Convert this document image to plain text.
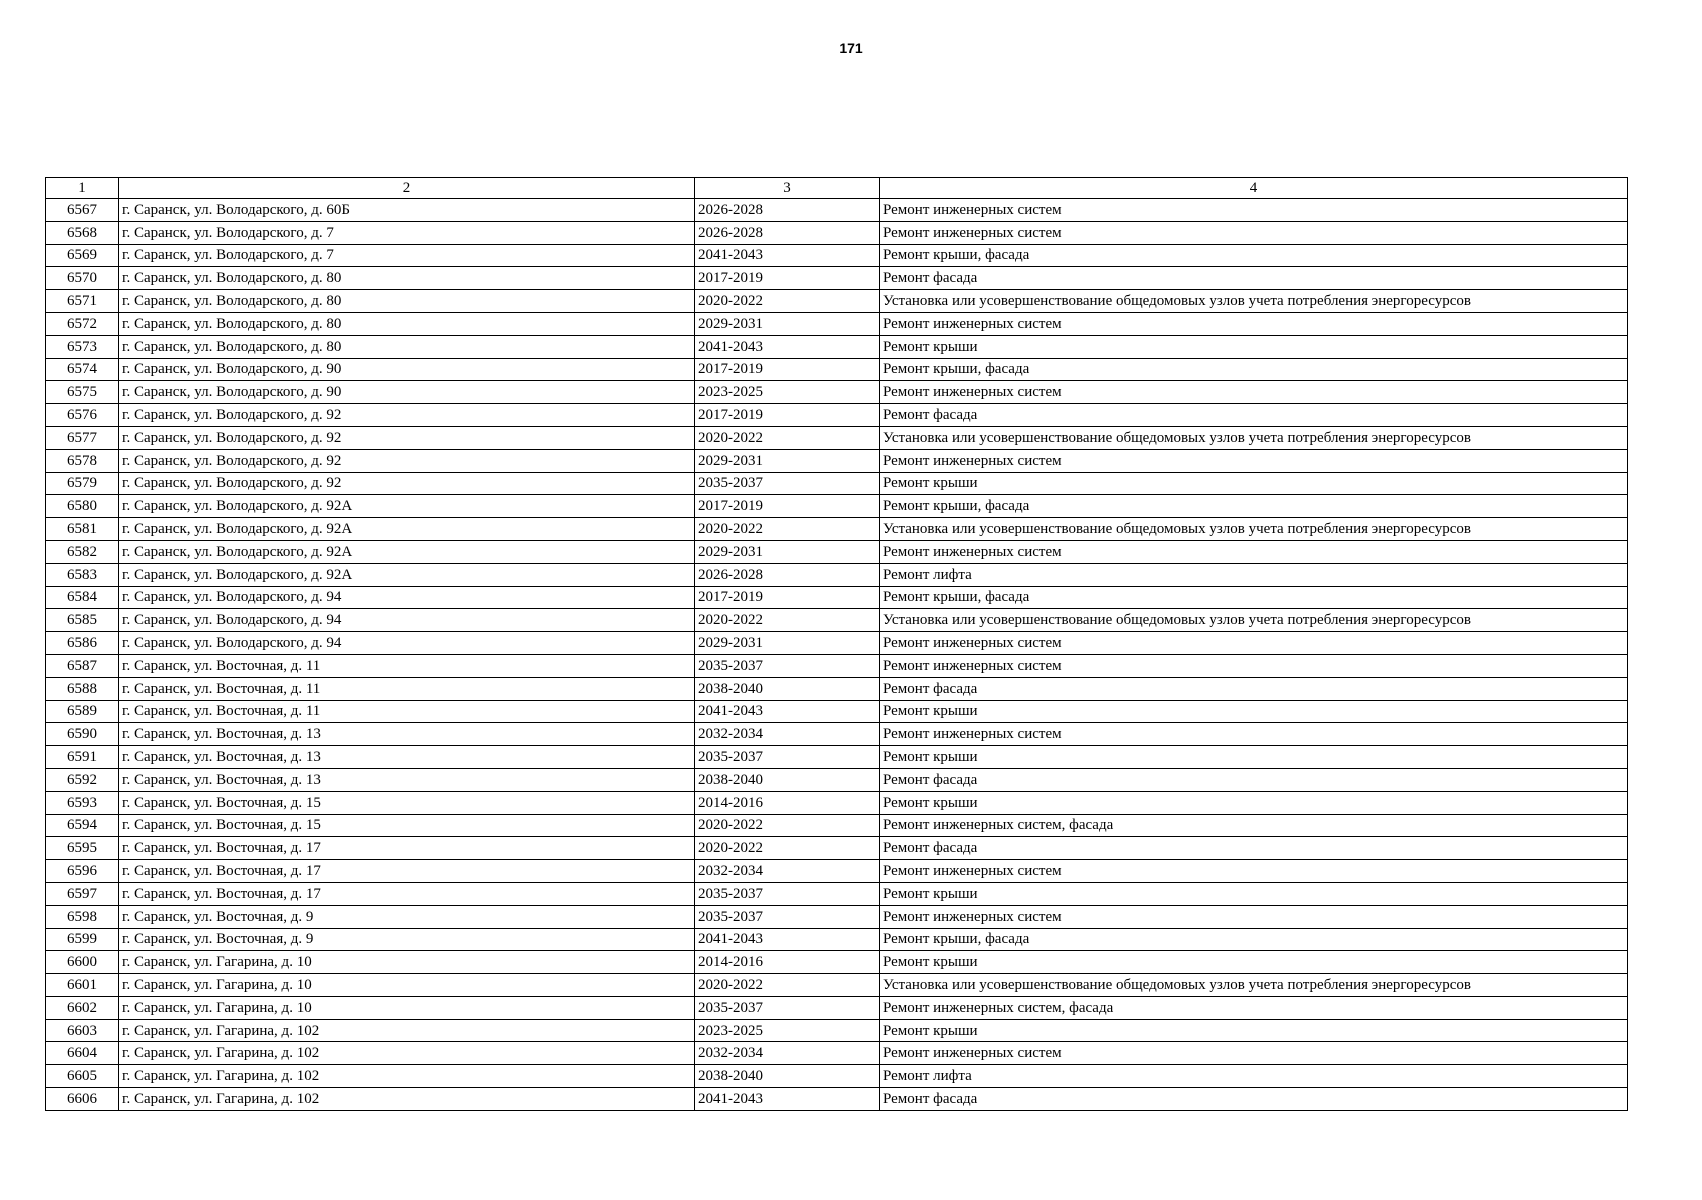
171
1	2	3	4
6567	г. Саранск, ул. Володарского, д. 60Б	2026-2028	Ремонт инженерных систем
6568	г. Саранск, ул. Володарского, д. 7	2026-2028	Ремонт инженерных систем
6569	г. Саранск, ул. Володарского, д. 7	2041-2043	Ремонт крыши, фасада
6570	г. Саранск, ул. Володарского, д. 80	2017-2019	Ремонт фасада
6571	г. Саранск, ул. Володарского, д. 80	2020-2022	Установка или усовершенствование общедомовых узлов учета потребления энергоресурсов
6572	г. Саранск, ул. Володарского, д. 80	2029-2031	Ремонт инженерных систем
6573	г. Саранск, ул. Володарского, д. 80	2041-2043	Ремонт крыши
6574	г. Саранск, ул. Володарского, д. 90	2017-2019	Ремонт крыши, фасада
6575	г. Саранск, ул. Володарского, д. 90	2023-2025	Ремонт инженерных систем
6576	г. Саранск, ул. Володарского, д. 92	2017-2019	Ремонт фасада
6577	г. Саранск, ул. Володарского, д. 92	2020-2022	Установка или усовершенствование общедомовых узлов учета потребления энергоресурсов
6578	г. Саранск, ул. Володарского, д. 92	2029-2031	Ремонт инженерных систем
6579	г. Саранск, ул. Володарского, д. 92	2035-2037	Ремонт крыши
6580	г. Саранск, ул. Володарского, д. 92А	2017-2019	Ремонт крыши, фасада
6581	г. Саранск, ул. Володарского, д. 92А	2020-2022	Установка или усовершенствование общедомовых узлов учета потребления энергоресурсов
6582	г. Саранск, ул. Володарского, д. 92А	2029-2031	Ремонт инженерных систем
6583	г. Саранск, ул. Володарского, д. 92А	2026-2028	Ремонт лифта
6584	г. Саранск, ул. Володарского, д. 94	2017-2019	Ремонт крыши, фасада
6585	г. Саранск, ул. Володарского, д. 94	2020-2022	Установка или усовершенствование общедомовых узлов учета потребления энергоресурсов
6586	г. Саранск, ул. Володарского, д. 94	2029-2031	Ремонт инженерных систем
6587	г. Саранск, ул. Восточная, д. 11	2035-2037	Ремонт инженерных систем
6588	г. Саранск, ул. Восточная, д. 11	2038-2040	Ремонт фасада
6589	г. Саранск, ул. Восточная, д. 11	2041-2043	Ремонт крыши
6590	г. Саранск, ул. Восточная, д. 13	2032-2034	Ремонт инженерных систем
6591	г. Саранск, ул. Восточная, д. 13	2035-2037	Ремонт крыши
6592	г. Саранск, ул. Восточная, д. 13	2038-2040	Ремонт фасада
6593	г. Саранск, ул. Восточная, д. 15	2014-2016	Ремонт крыши
6594	г. Саранск, ул. Восточная, д. 15	2020-2022	Ремонт инженерных систем, фасада
6595	г. Саранск, ул. Восточная, д. 17	2020-2022	Ремонт фасада
6596	г. Саранск, ул. Восточная, д. 17	2032-2034	Ремонт инженерных систем
6597	г. Саранск, ул. Восточная, д. 17	2035-2037	Ремонт крыши
6598	г. Саранск, ул. Восточная, д. 9	2035-2037	Ремонт инженерных систем
6599	г. Саранск, ул. Восточная, д. 9	2041-2043	Ремонт крыши, фасада
6600	г. Саранск, ул. Гагарина, д. 10	2014-2016	Ремонт крыши
6601	г. Саранск, ул. Гагарина, д. 10	2020-2022	Установка или усовершенствование общедомовых узлов учета потребления энергоресурсов
6602	г. Саранск, ул. Гагарина, д. 10	2035-2037	Ремонт инженерных систем, фасада
6603	г. Саранск, ул. Гагарина, д. 102	2023-2025	Ремонт крыши
6604	г. Саранск, ул. Гагарина, д. 102	2032-2034	Ремонт инженерных систем
6605	г. Саранск, ул. Гагарина, д. 102	2038-2040	Ремонт лифта
6606	г. Саранск, ул. Гагарина, д. 102	2041-2043	Ремонт фасада
